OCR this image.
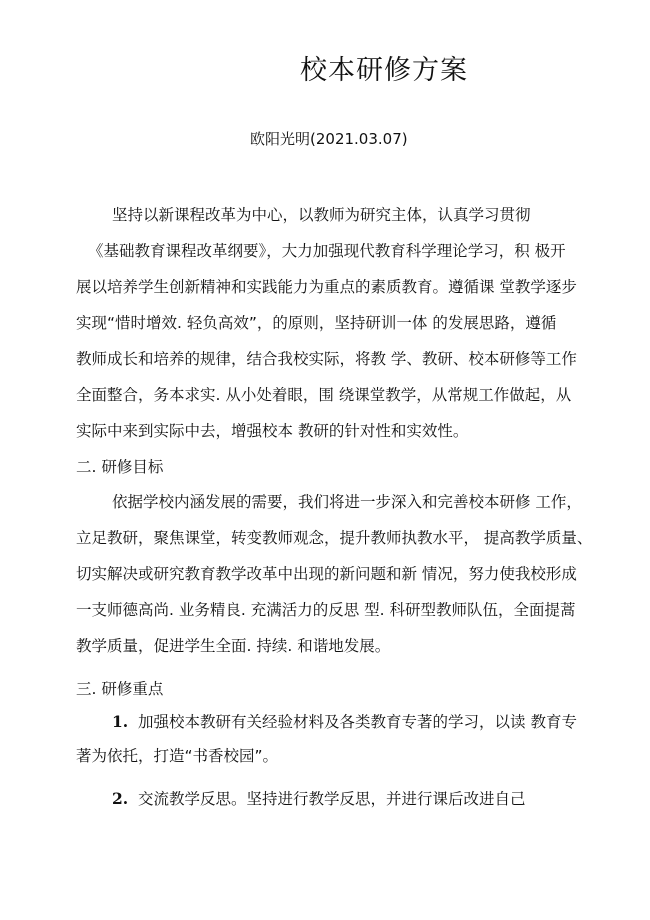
校本研修方案
欧阳光明(2021.03.07)
坚持以新课程改革为中心，以教师为研究主体，认真学习贯彻
《基础教育课程改革纲要》，大力加强现代教育科学理论学习，积 极开
展以培养学生创新精神和实践能力为重点的素质教育。遵循课 堂教学逐步
实现“惜时增效. 轻负高效”，的原则，坚持研训一体 的发展思路，遵循
教师成长和培养的规律，结合我校实际，将教 学、教研、校本研修等工作
全面整合，务本求实. 从小处着眼，围 绕课堂教学，从常规工作做起，从
实际中来到实际中去，增强校本 教研的针对性和实效性。
二. 研修目标
依据学校内涵发展的需要，我们将进一步深入和完善校本研修 工作，
立足教研，聚焦课堂，转变教师观念，提升教师执教水平， 提高教学质量、
切实解决或研究教育教学改革中出现的新问题和新 情况，努力使我校形成
一支师德高尚. 业务精良. 充满活力的反思 型. 科研型教师队伍，全面提蒿
教学质量，促进学生全面. 持续. 和谐地发展。
三. 研修重点
1. 加强校本教研有关经验材料及各类教育专著的学习，以读 教育专
著为依托，打造“书香校园”。
2. 交流教学反思。坚持进行教学反思，并进行课后改进自己
